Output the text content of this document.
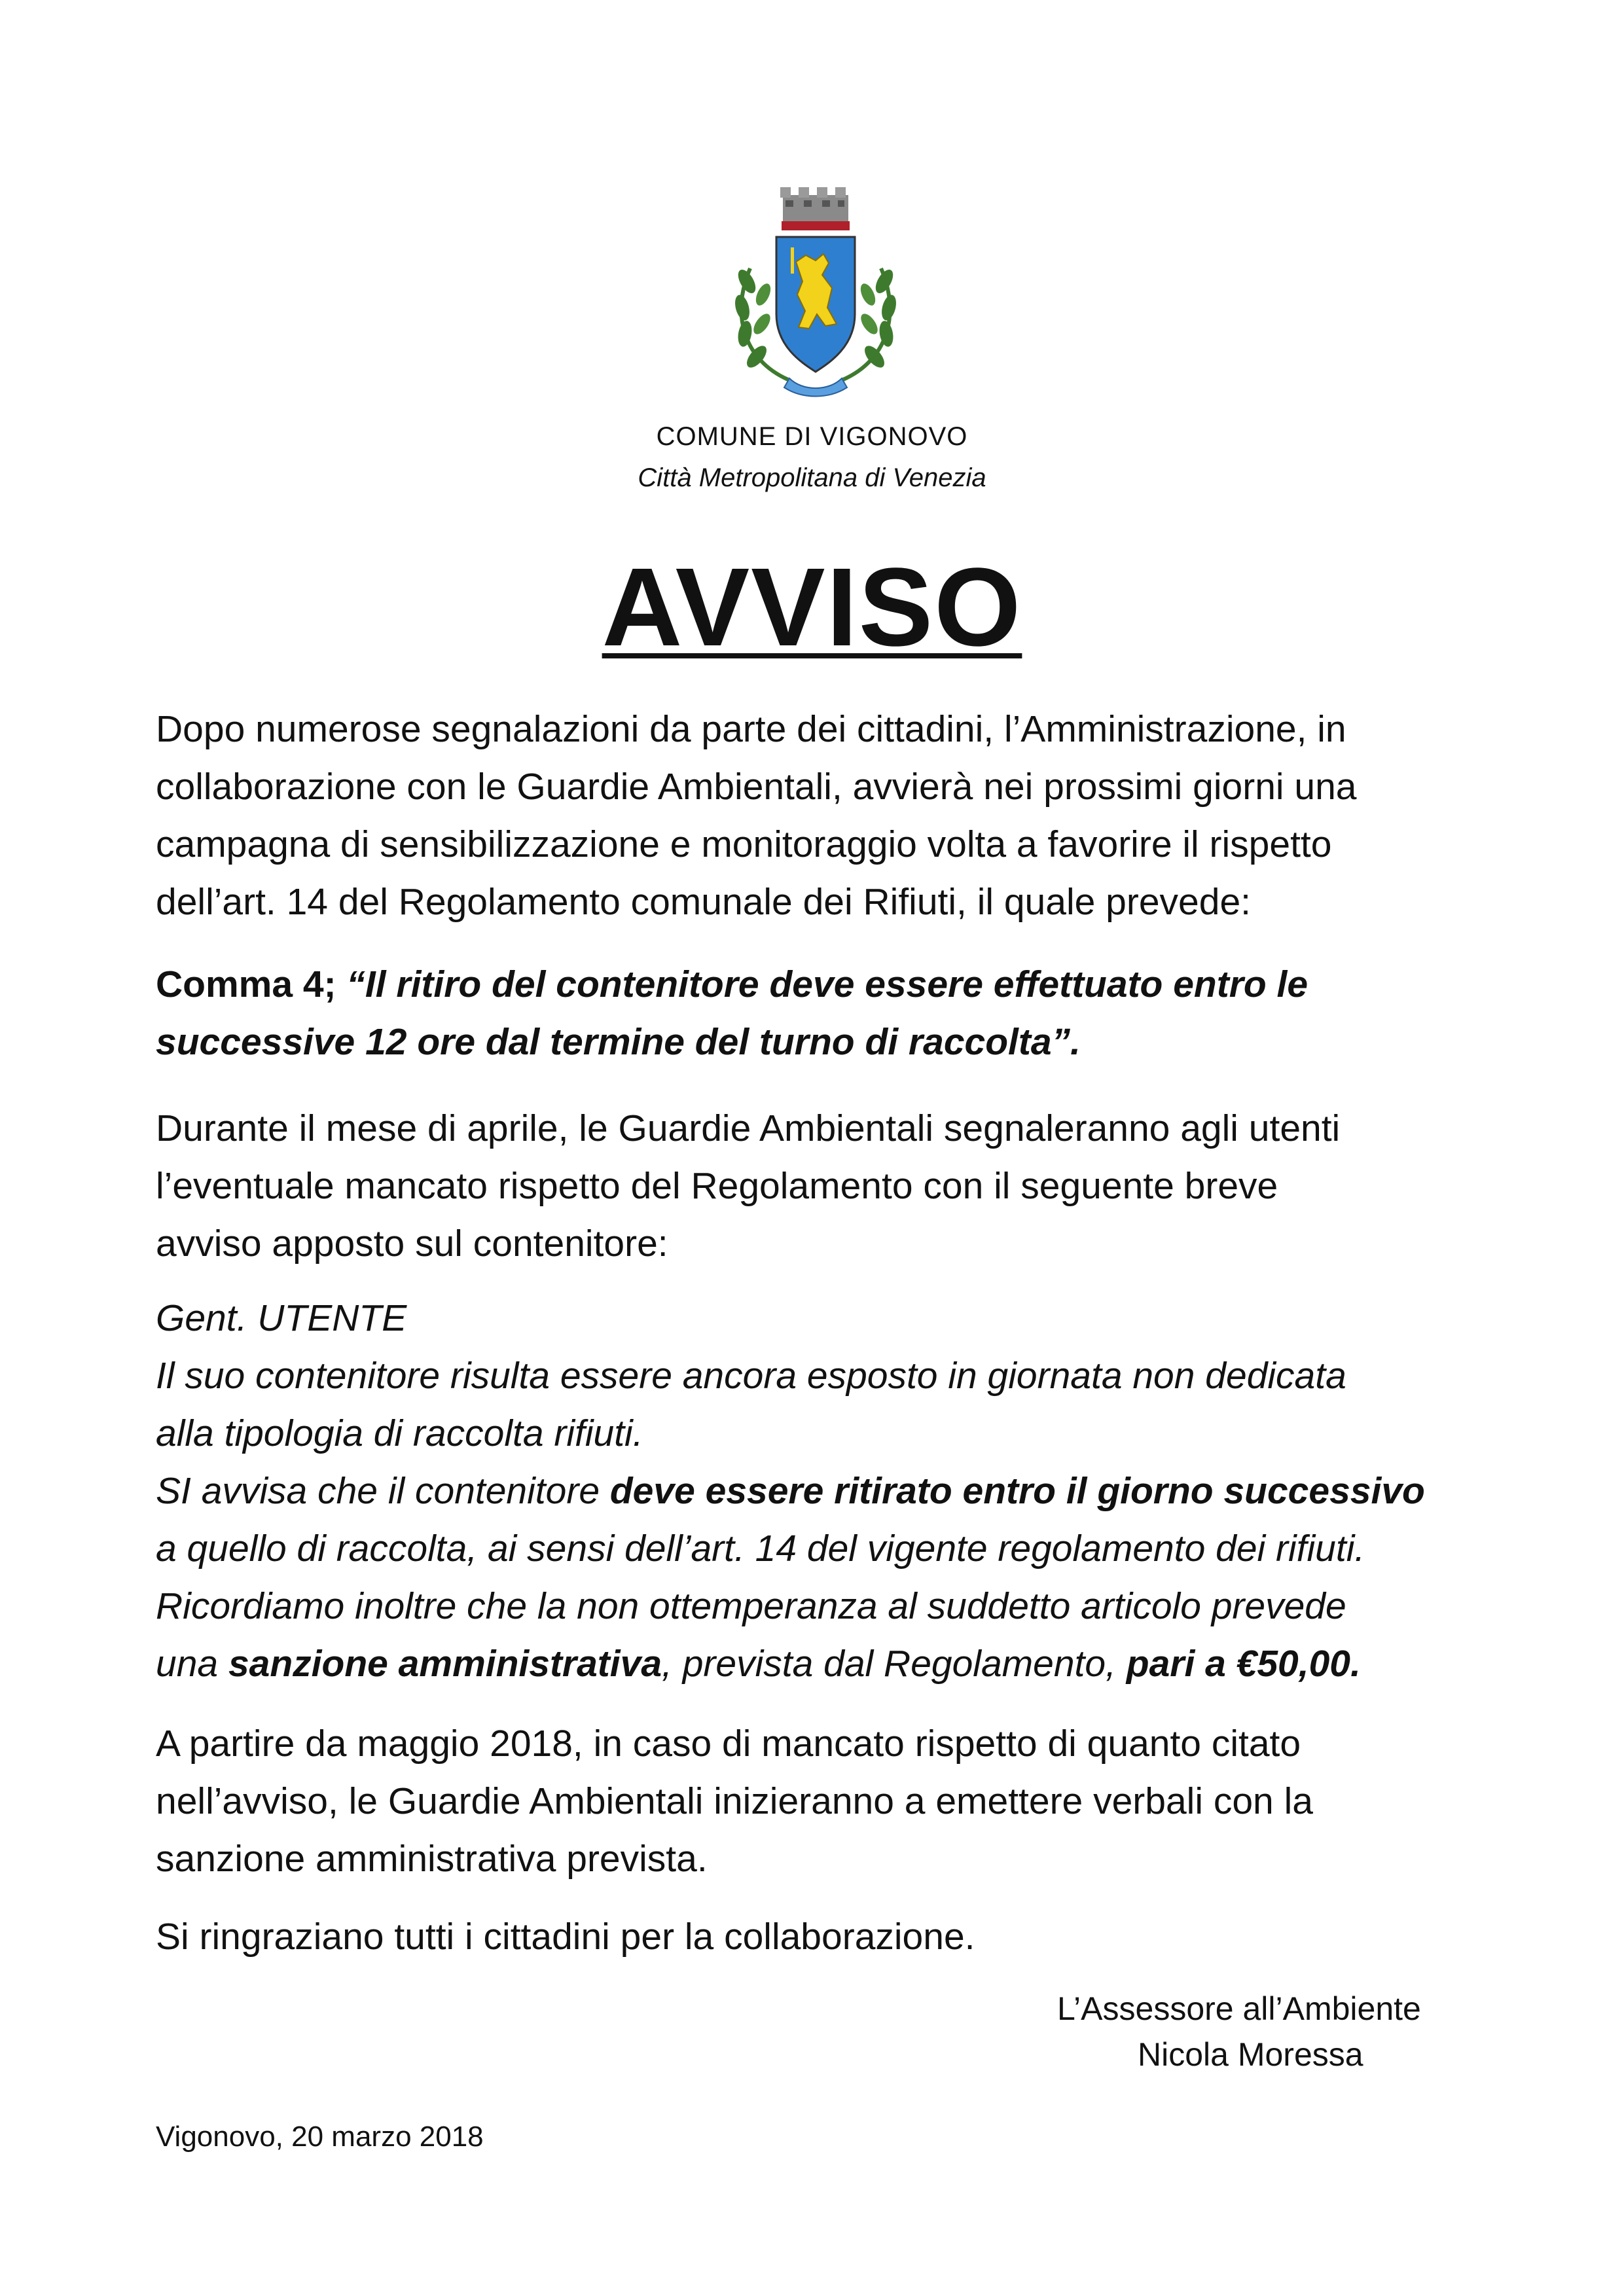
COMUNE DI VIGONOVO
Città Metropolitana di Venezia
AVVISO

Dopo numerose segnalazioni da parte dei cittadini, l’Amministrazione, in

collaborazione con le Guardie Ambientali, avvierà nei prossimi giorni una

campagna di sensibilizzazione e monitoraggio volta a favorire il rispetto

dell’art. 14 del Regolamento comunale dei Rifiuti, il quale prevede:

Comma 4; “Il ritiro del contenitore deve essere effettuato entro le

successive 12 ore dal termine del turno di raccolta”.

Durante il mese di aprile, le Guardie Ambientali segnaleranno agli utenti

l’eventuale mancato rispetto del Regolamento con il seguente breve

avviso apposto sul contenitore:

Gent. UTENTE

Il suo contenitore risulta essere ancora esposto in giornata non dedicata

alla tipologia di raccolta rifiuti.

SI avvisa che il contenitore deve essere ritirato entro il giorno successivo

a quello di raccolta, ai sensi dell’art. 14 del vigente regolamento dei rifiuti.

Ricordiamo inoltre che la non ottemperanza al suddetto articolo prevede

una sanzione amministrativa, prevista dal Regolamento, pari a €50,00.

A partire da maggio 2018, in caso di mancato rispetto di quanto citato

nell’avviso, le Guardie Ambientali inizieranno a emettere verbali con la

sanzione amministrativa prevista.

Si ringraziano tutti i cittadini per la collaborazione.

L’Assessore all’Ambiente
Nicola Moressa
Vigonovo, 20 marzo 2018
